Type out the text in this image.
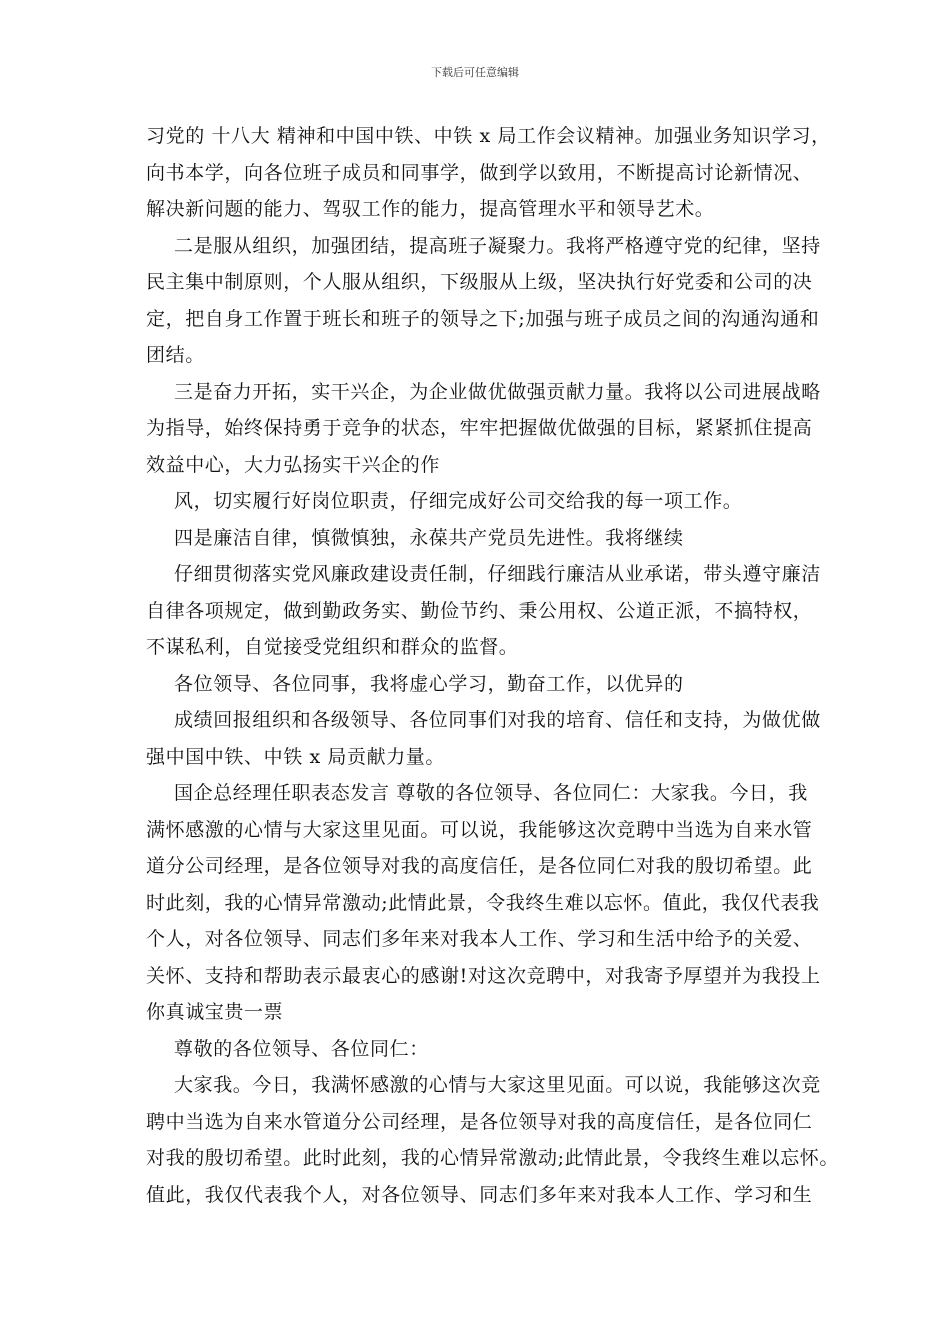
下载后可任意编辑
习党的 十八大 精神和中国中铁、中铁 x 局工作会议精神。加强业务知识学习，
向书本学，向各位班子成员和同事学，做到学以致用，不断提高讨论新情况、
解决新问题的能力、驾驭工作的能力，提高管理水平和领导艺术。
二是服从组织，加强团结，提高班子凝聚力。我将严格遵守党的纪律，坚持
民主集中制原则，个人服从组织，下级服从上级，坚决执行好党委和公司的决
定，把自身工作置于班长和班子的领导之下;加强与班子成员之间的沟通沟通和
团结。
三是奋力开拓，实干兴企，为企业做优做强贡献力量。我将以公司进展战略
为指导，始终保持勇于竞争的状态，牢牢把握做优做强的目标，紧紧抓住提高
效益中心，大力弘扬实干兴企的作
风，切实履行好岗位职责，仔细完成好公司交给我的每一项工作。
四是廉洁自律，慎微慎独，永葆共产党员先进性。我将继续
仔细贯彻落实党风廉政建设责任制，仔细践行廉洁从业承诺，带头遵守廉洁
自律各项规定，做到勤政务实、勤俭节约、秉公用权、公道正派，不搞特权，
不谋私利，自觉接受党组织和群众的监督。
各位领导、各位同事，我将虚心学习，勤奋工作，以优异的
成绩回报组织和各级领导、各位同事们对我的培育、信任和支持，为做优做
强中国中铁、中铁 x 局贡献力量。
国企总经理任职表态发言 尊敬的各位领导、各位同仁：大家我。今日，我
满怀感激的心情与大家这里见面。可以说，我能够这次竞聘中当选为自来水管
道分公司经理，是各位领导对我的高度信任，是各位同仁对我的殷切希望。此
时此刻，我的心情异常激动;此情此景，令我终生难以忘怀。值此，我仅代表我
个人，对各位领导、同志们多年来对我本人工作、学习和生活中给予的关爱、
关怀、支持和帮助表示最衷心的感谢!对这次竞聘中，对我寄予厚望并为我投上
你真诚宝贵一票
尊敬的各位领导、各位同仁：
大家我。今日，我满怀感激的心情与大家这里见面。可以说，我能够这次竞
聘中当选为自来水管道分公司经理，是各位领导对我的高度信任，是各位同仁
对我的殷切希望。此时此刻，我的心情异常激动;此情此景，令我终生难以忘怀。
值此，我仅代表我个人，对各位领导、同志们多年来对我本人工作、学习和生
